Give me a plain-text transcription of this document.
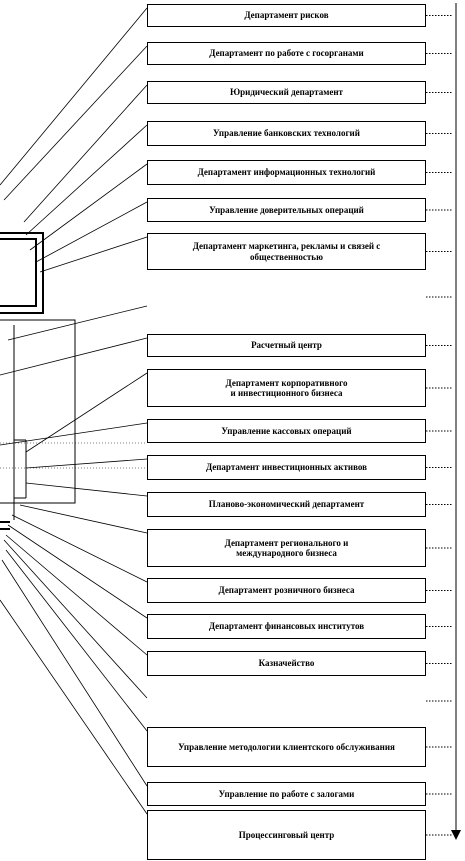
Департамент рисков
Департамент по работе с госорганами
Юридический департамент
Управление банковских технологий
Департамент информационных технологий
Управление доверительных операций
Департамент маркетинга, рекламы и связей с общественностью
Расчетный центр
Департамент корпоративного
и инвестиционного бизнеса
Управление кассовых операций
Департамент инвестиционных активов
Планово-экономический департамент
Департамент регионального и
международного бизнеса
Департамент розничного бизнеса
Департамент финансовых институтов
Казначейство
Управление методологии клиентского обслуживания
Управление по работе с залогами
Процессинговый центр
